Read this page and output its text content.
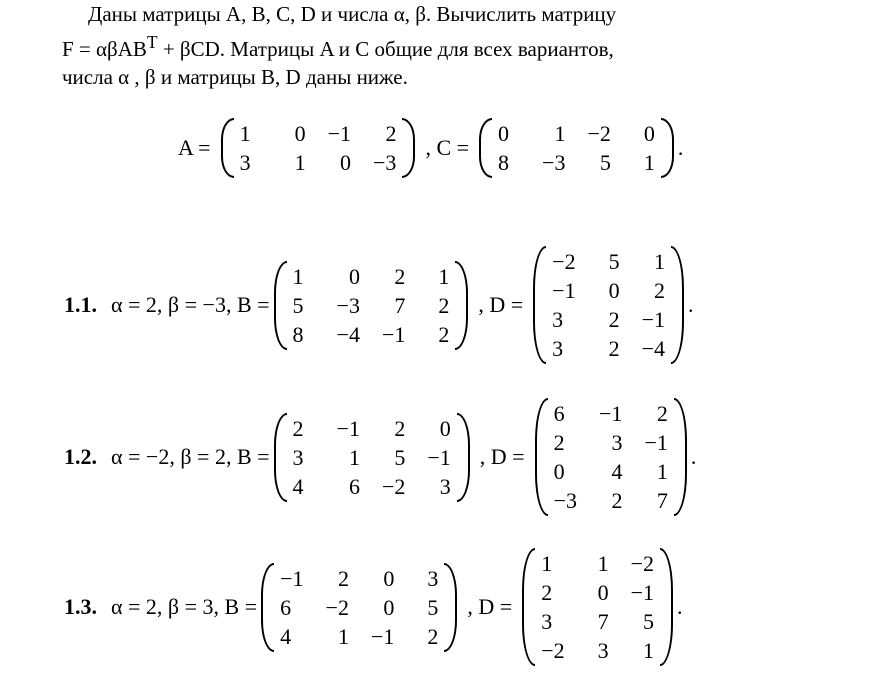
Даны матрицы A, B, C, D и числа α, β. Вычислить матрицу

F = αβAB$^T$ + βCD. Матрицы A и C общие для всех вариантов,

числа α , β и матрицы B, D даны ниже.

A =
1	0 −1	2
3	1	0 −3
, C =
0	1 −2	0
8	−3	5	1
.
1.1. α = 2, β = −3, B =
1	0	2	1
5	−3	7	2
8	−4 −1	2
, D =
−2	5	1
−1	0	2
3	2 −1
3	2 −4
.
1.2. α = −2, β = 2, B =
2	−1	2	0
3	1	5 −1
4	6 −2	3
, D =
6	−1	2
2	3 −1
0	4	1
−3	2	7
.
1.3. α = 2, β = 3, B =
−1	2	0	3
6	−2	0	5
4	1 −1	2
, D =
1	1 −2
2	0 −1
3	7	5
−2	3	1
.
